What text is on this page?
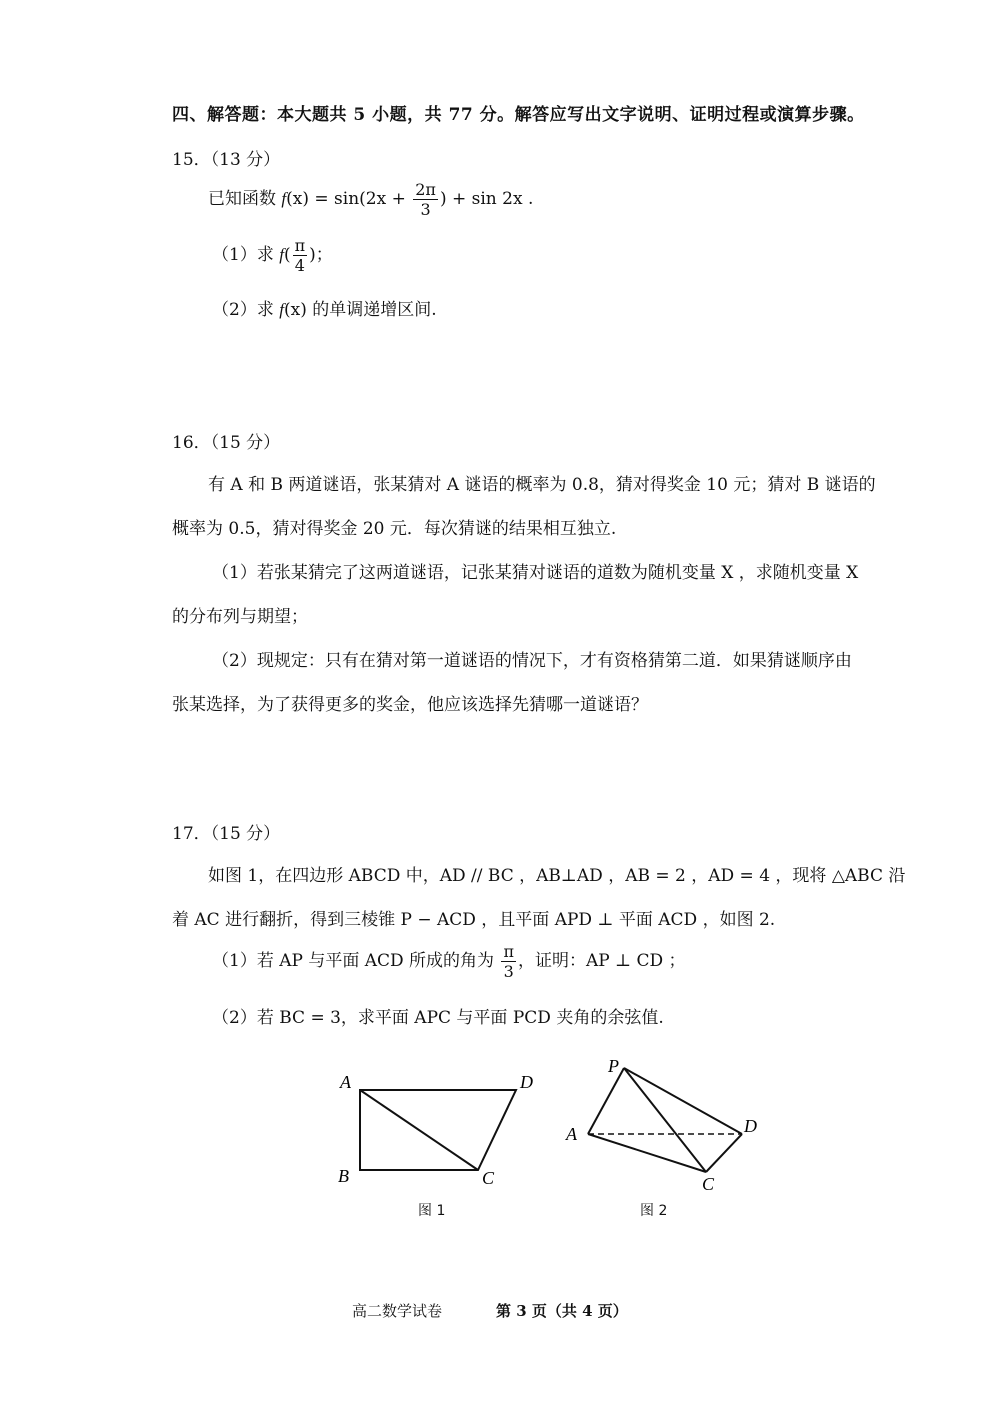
四、解答题：本大题共 5 小题，共 77 分。解答应写出文字说明、证明过程或演算步骤。
15．（13 分）
已知函数 $f(x) = \sin(2x + \frac{2\pi}{3}$ ) + sin 2x .
（1）求 $f( \frac{\pi}{4}$ )；
（2）求 f(x) 的单调递增区间.
16．（15 分）
有 A 和 B 两道谜语，张某猜对 A 谜语的概率为 0.8，猜对得奖金 10 元；猜对 B 谜语的
概率为 0.5，猜对得奖金 20 元．每次猜谜的结果相互独立.
（1）若张某猜完了这两道谜语，记张某猜对谜语的道数为随机变量 X ，求随机变量 X
的分布列与期望；
（2）现规定：只有在猜对第一道谜语的情况下，才有资格猜第二道．如果猜谜顺序由
张某选择，为了获得更多的奖金，他应该选择先猜哪一道谜语？
17．（15 分）
如图 1，在四边形 ABCD 中，AD // BC ，AB⊥AD ，AB = 2 ，AD = 4 ，现将 △ABC 沿
着 AC 进行翻折，得到三棱锥 P − ACD ，且平面 APD ⊥ 平面 ACD ，如图 2.
（1）若 AP 与平面 ACD 所成的角为 $\frac{\pi}{3}$ ，证明：AP ⊥ CD ；
（2）若 BC = 3，求平面 APC 与平面 PCD 夹角的余弦值.
A	D
B	C
图 1
P
A	D
C
图 2
高二数学试卷	第 3 页（共 4 页）
